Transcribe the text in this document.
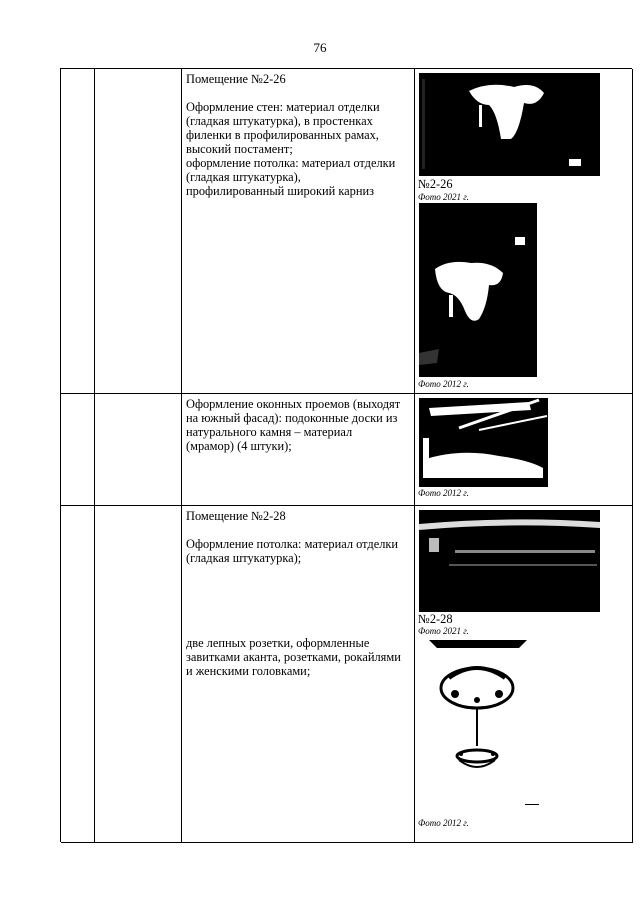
76

Помещение №2-26

Оформление стен: материал отделки

(гладкая штукатурка), в простенках

филенки в профилированных рамах,

высокий постамент;

оформление потолка: материал отделки

(гладкая штукатурка),

профилированный широкий карниз	№2-26
Фото 2021 г.
Фото 2012 г.

Оформление оконных проемов (выходят

на южный фасад): подоконные доски из

натурального камня – материал

(мрамор) (4 штуки);

Фото 2012 г.

Помещение №2-28

Оформление потолка: материал отделки

(гладкая штукатурка);

две лепных розетки, оформленные

завитками аканта, розетками, рокайлями

и женскими головками;

№2-28
Фото 2021 г.
Фото 2012 г.
